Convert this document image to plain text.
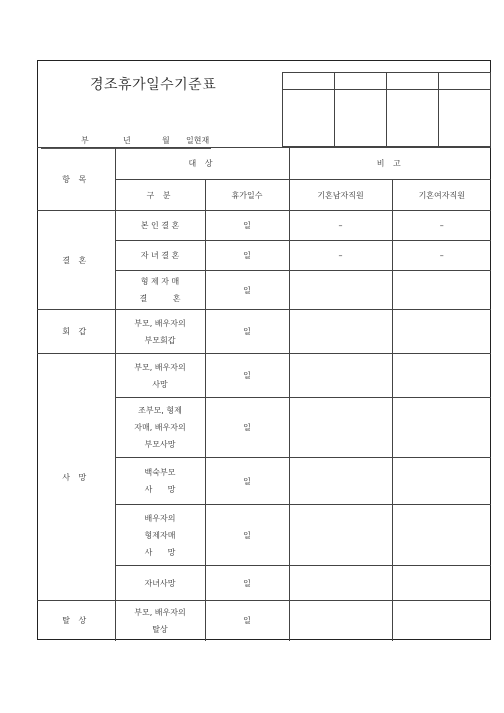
경조휴가일수기준표

부	년	월 일현재
항 목	대 상		비 고	
	구 분	휴가일수	기혼남자직원	기혼여자직원
결 혼	본 인 결 혼	일	–	–

	자 녀 결 혼	일	–	–

	형 제 자 매
결          혼	일		
회 갑	부모, 배우자의
부모회갑	일		
사 망	부모, 배우자의
사망	일		

	조부모, 형제
자매, 배우자의
부모사망	일		

	백숙부모
사      망	일		

	배우자의
형제자매
사      망	일		

	자녀사망	일		
탈 상	부모, 배우자의
탈상	일		
